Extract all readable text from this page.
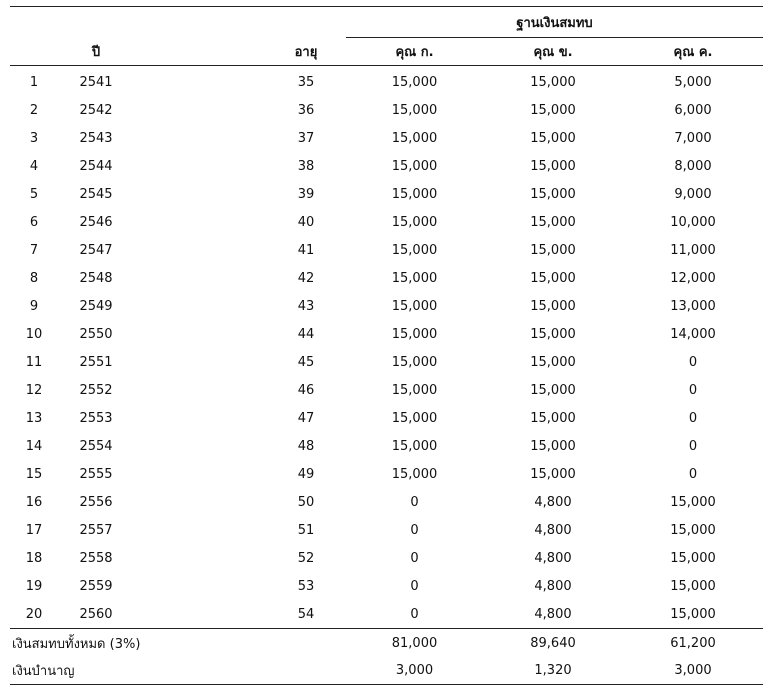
				ฐานเงินสมทบ		
	ปี		อายุ	คุณ ก.	คุณ ข.	คุณ ค.
1	2541		35	15,000	15,000	5,000
2	2542		36	15,000	15,000	6,000
3	2543		37	15,000	15,000	7,000
4	2544		38	15,000	15,000	8,000
5	2545		39	15,000	15,000	9,000
6	2546		40	15,000	15,000	10,000
7	2547		41	15,000	15,000	11,000
8	2548		42	15,000	15,000	12,000
9	2549		43	15,000	15,000	13,000
10	2550		44	15,000	15,000	14,000
11	2551		45	15,000	15,000	0
12	2552		46	15,000	15,000	0
13	2553		47	15,000	15,000	0
14	2554		48	15,000	15,000	0
15	2555		49	15,000	15,000	0
16	2556		50	0	4,800	15,000
17	2557		51	0	4,800	15,000
18	2558		52	0	4,800	15,000
19	2559		53	0	4,800	15,000
20	2560		54	0	4,800	15,000
เงินสมทบทั้งหมด (3%)				81,000	89,640	61,200
เงินบำนาญ				3,000	1,320	3,000
